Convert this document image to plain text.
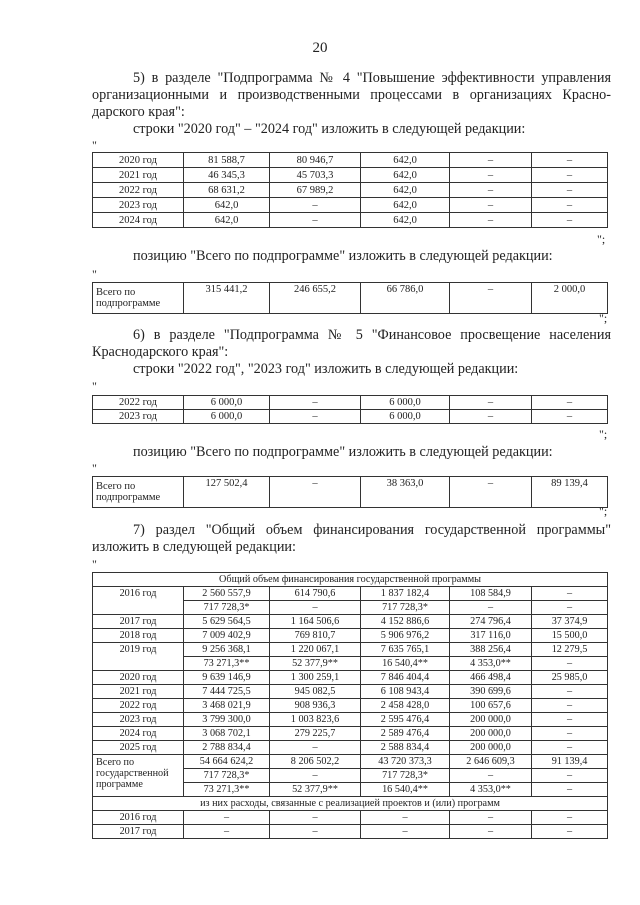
20
5) в разделе "Подпрограмма № 4 "Повышение эффективности управления
организационными и производственными процессами в организациях Красно-
дарского края":
строки "2020 год" – "2024 год" изложить в следующей редакции:
"
2020 год	81 588,7	80 946,7	642,0	–	–
2021 год	46 345,3	45 703,3	642,0	–	–
2022 год	68 631,2	67 989,2	642,0	–	–
2023 год	642,0	–	642,0	–	–
2024 год	642,0	–	642,0	–	–
";
позицию "Всего по подпрограмме" изложить в следующей редакции:
"
Всего по подпрограмме	315 441,2	246 655,2	66 786,0	–	2 000,0
";
6) в разделе "Подпрограмма № 5 "Финансовое просвещение населения
Краснодарского края":
строки "2022 год", "2023 год" изложить в следующей редакции:
"
2022 год	6 000,0	–	6 000,0	–	–
2023 год	6 000,0	–	6 000,0	–	–
";
позицию "Всего по подпрограмме" изложить в следующей редакции:
"
Всего по подпрограмме	127 502,4	–	38 363,0	–	89 139,4
";
7) раздел "Общий объем финансирования государственной программы"
изложить в следующей редакции:
"
Общий объем финансирования государственной программы					
2016 год	2 560 557,9	614 790,6	1 837 182,4	108 584,9	–
	717 728,3*	–	717 728,3*	–	–
2017 год	5 629 564,5	1 164 506,6	4 152 886,6	274 796,4	37 374,9
2018 год	7 009 402,9	769 810,7	5 906 976,2	317 116,0	15 500,0
2019 год	9 256 368,1	1 220 067,1	7 635 765,1	388 256,4	12 279,5
	73 271,3**	52 377,9**	16 540,4**	4 353,0**	–
2020 год	9 639 146,9	1 300 259,1	7 846 404,4	466 498,4	25 985,0
2021 год	7 444 725,5	945 082,5	6 108 943,4	390 699,6	–
2022 год	3 468 021,9	908 936,3	2 458 428,0	100 657,6	–
2023 год	3 799 300,0	1 003 823,6	2 595 476,4	200 000,0	–
2024 год	3 068 702,1	279 225,7	2 589 476,4	200 000,0	–
2025 год	2 788 834,4	–	2 588 834,4	200 000,0	–
Всего по государственной программе	54 664 624,2	8 206 502,2	43 720 373,3	2 646 609,3	91 139,4
	717 728,3*	–	717 728,3*	–	–
	73 271,3**	52 377,9**	16 540,4**	4 353,0**	–
из них расходы, связанные с реализацией проектов и (или) программ					
2016 год	–	–	–	–	–
2017 год	–	–	–	–	–
